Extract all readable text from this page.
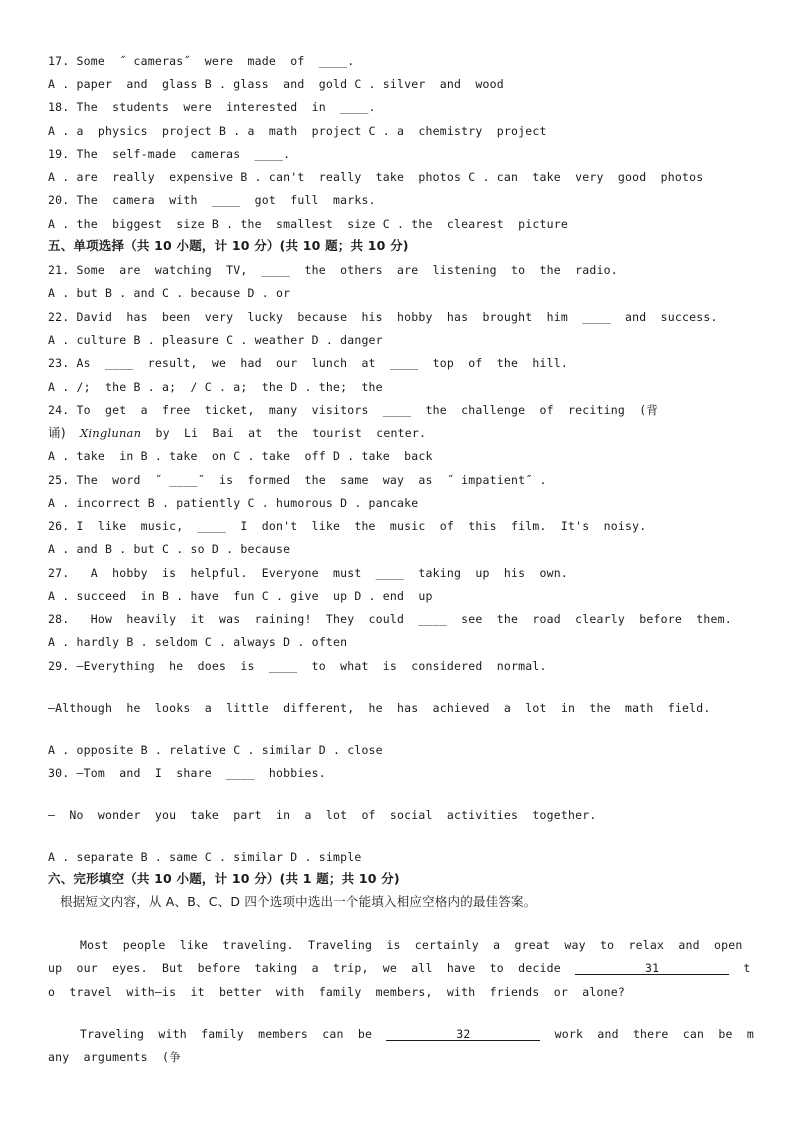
17. Some  ˝ cameras˝  were  made  of  ____.
A . paper  and  glass B . glass  and  gold C . silver  and  wood
18. The  students  were  interested  in  ____.
A . a  physics  project B . a  math  project C . a  chemistry  project
19. The  self-made  cameras  ____.
A . are  really  expensive B . can't  really  take  photos C . can  take  very  good  photos
20. The  camera  with  ____  got  full  marks.
A . the  biggest  size B . the  smallest  size C . the  clearest  picture
五、单项选择（共 10 小题，计 10 分）(共 10 题；共 10 分)
21. Some  are  watching  TV,  ____  the  others  are  listening  to  the  radio.
A . but B . and C . because D . or
22. David  has  been  very  lucky  because  his  hobby  has  brought  him  ____  and  success.
A . culture B . pleasure C . weather D . danger
23. As  ____  result,  we  had  our  lunch  at  ____  top  of  the  hill.
A . /;  the B . a;  / C . a;  the D . the;  the
24. To  get  a  free  ticket,  many  visitors  ____  the  challenge  of  reciting  (背
诵) Xinglunan by  Li  Bai  at  the  tourist  center.
A . take  in B . take  on C . take  off D . take  back
25. The  word  ˝ ____˝  is  formed  the  same  way  as  ˝ impatient˝ .
A . incorrect B . patiently C . humorous D . pancake
26. I  like  music,  ____  I  don't  like  the  music  of  this  film.  It's  noisy.
A . and B . but C . so D . because
27.   A  hobby  is  helpful.  Everyone  must  ____  taking  up  his  own.
A . succeed  in B . have  fun C . give  up D . end  up
28.   How  heavily  it  was  raining!  They  could  ____  see  the  road  clearly  before  them.
A . hardly B . seldom C . always D . often
29. —Everything  he  does  is  ____  to  what  is  considered  normal.
—Although  he  looks  a  little  different,  he  has  achieved  a  lot  in  the  math  field.
A . opposite B . relative C . similar D . close
30. —Tom  and  I  share  ____  hobbies.
—  No  wonder  you  take  part  in  a  lot  of  social  activities  together.
A . separate B . same C . similar D . simple
六、完形填空（共 10 小题，计 10 分）(共 1 题；共 10 分)
根据短文内容，从 A、B、C、D 四个选项中选出一个能填入相应空格内的最佳答案。
Most  people  like  traveling.  Traveling  is  certainly  a  great  way  to  relax  and  open
up  our  eyes.  But  before  taking  a  trip,  we  all  have  to  decide	31	t
o  travel  with—is  it  better  with  family  members,  with  friends  or  alone?
Traveling  with  family  members  can  be	32	work  and  there  can  be  m
any  arguments  (争
